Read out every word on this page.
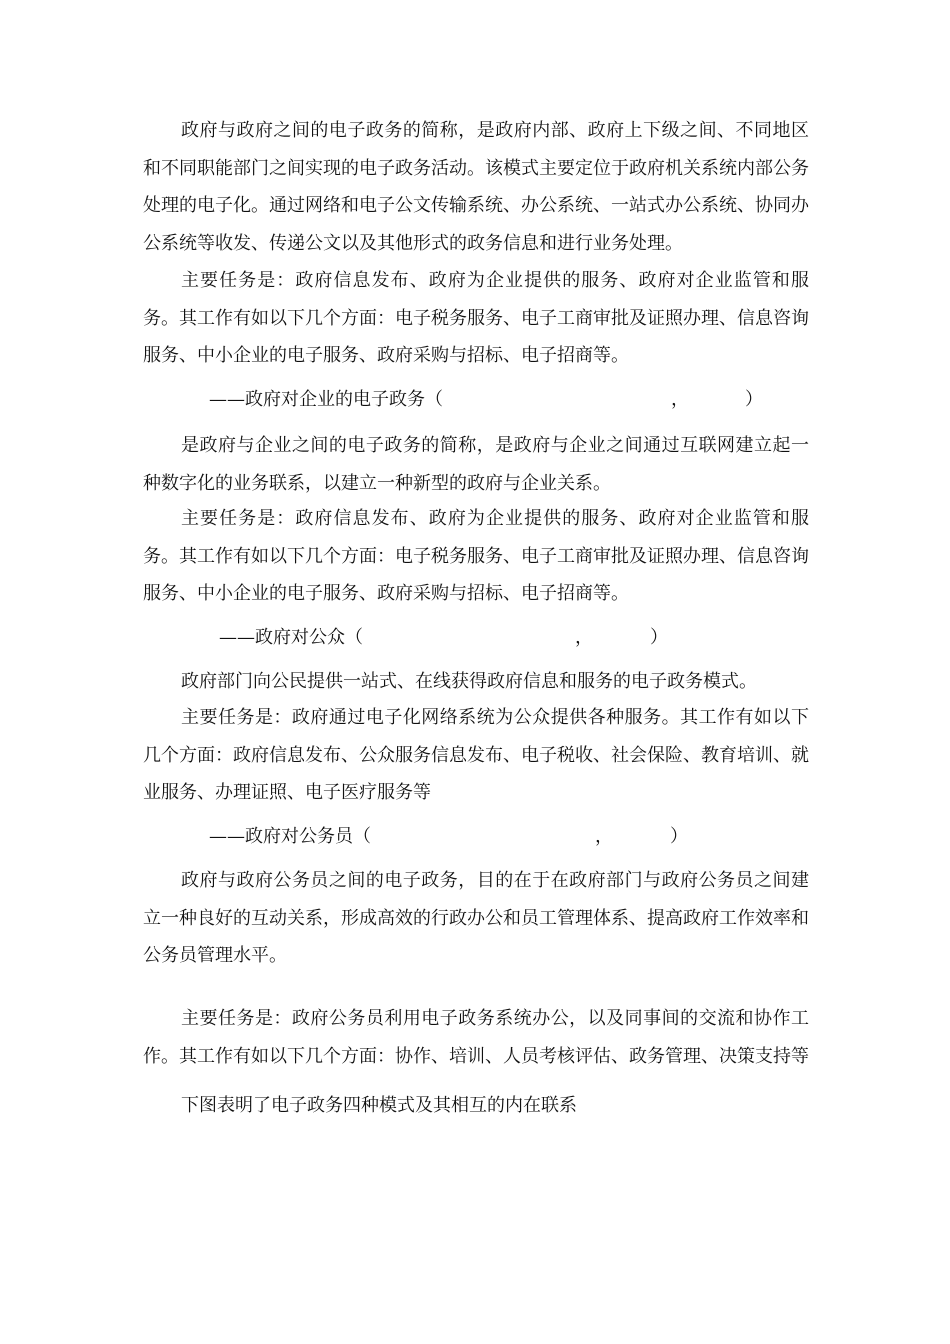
政府与政府之间的电子政务的简称，是政府内部、政府上下级之间、不同地区和不同职能部门之间实现的电子政务活动。该模式主要定位于政府机关系统内部公务处理的电子化。通过网络和电子公文传输系统、办公系统、一站式办公系统、协同办公系统等收发、传递公文以及其他形式的政务信息和进行业务处理。

主要任务是：政府信息发布、政府为企业提供的服务、政府对企业监管和服务。其工作有如以下几个方面：电子税务服务、电子工商审批及证照办理、信息咨询服务、中小企业的电子服务、政府采购与招标、电子招商等。

——政府对企业的电子政务（	，	）

是政府与企业之间的电子政务的简称，是政府与企业之间通过互联网建立起一种数字化的业务联系，以建立一种新型的政府与企业关系。

主要任务是：政府信息发布、政府为企业提供的服务、政府对企业监管和服务。其工作有如以下几个方面：电子税务服务、电子工商审批及证照办理、信息咨询服务、中小企业的电子服务、政府采购与招标、电子招商等。

——政府对公众（	，	）

政府部门向公民提供一站式、在线获得政府信息和服务的电子政务模式。

主要任务是：政府通过电子化网络系统为公众提供各种服务。其工作有如以下几个方面：政府信息发布、公众服务信息发布、电子税收、社会保险、教育培训、就业服务、办理证照、电子医疗服务等

——政府对公务员（	，	）

政府与政府公务员之间的电子政务，目的在于在政府部门与政府公务员之间建立一种良好的互动关系，形成高效的行政办公和员工管理体系、提高政府工作效率和公务员管理水平。

主要任务是：政府公务员利用电子政务系统办公，以及同事间的交流和协作工作。其工作有如以下几个方面：协作、培训、人员考核评估、政务管理、决策支持等

下图表明了电子政务四种模式及其相互的内在联系
